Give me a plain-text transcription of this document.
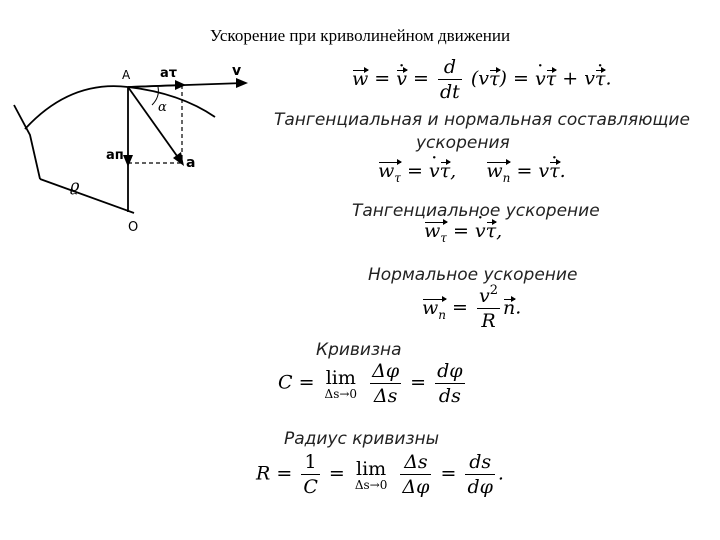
Ускорение при криволинейном движении
A	v
aτ
aп	a
α
ϱ
O
w = · $v = \frac{d}{dt} (v\tau)$ = · vτ + v· τ.
Тангенциальная и нормальная составляющие
ускорения
$w_\tau$ = · vτ,     $w_n = v\cdot \tau$.
Тангенциальное ускорение
$w_\tau$ = · vτ,
Нормальное ускорение
$w_n = \frac{v^2}{R} n$.
Кривизна
C = lim
Δs→0
$\frac{\Delta\varphi}{\Delta s} = \frac{d\varphi}{ds}$
Радиус кривизны
$R = \frac{1}{C} = \lim$
Δs→0
$\frac{\Delta s}{\Delta\varphi} = \frac{ds}{d\varphi}$ .
